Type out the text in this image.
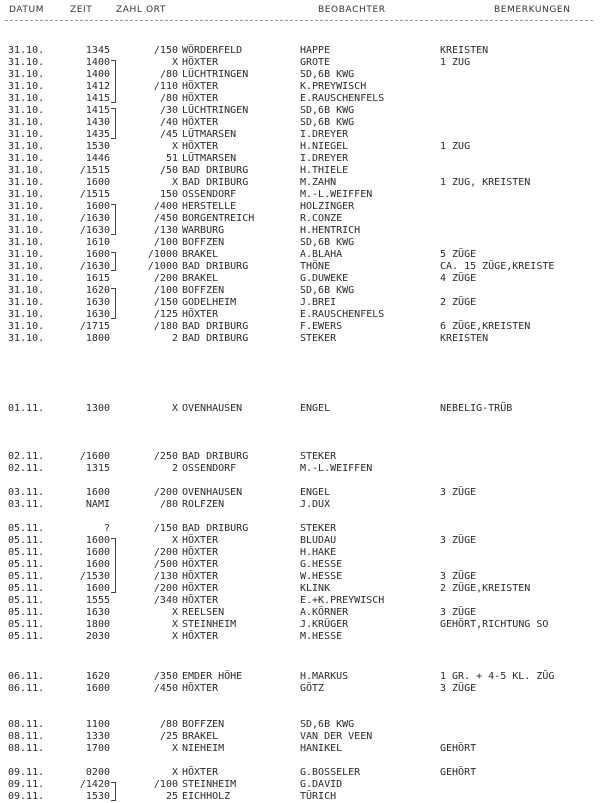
DATUM	ZEIT	ZAHL ORT	BEOBACHTER	BEMERKUNGEN
31.10.	1345	/150 WÖRDERFELD	HAPPE	KREISTEN
31.10.	1400	X HÖXTER	GROTE	1 ZUG
31.10.	1400	/80 LÜCHTRINGEN	SD,6B KWG
31.10.	1412	/110 HÖXTER	K.PREYWISCH
31.10.	1415	/80 HÖXTER	E.RAUSCHENFELS
31.10.	1415	/30 LÜCHTRINGEN	SD,6B KWG
31.10.	1430	/40 HÖXTER	SD,6B KWG
31.10.	1435	/45 LÜTMARSEN	I.DREYER
31.10.	1530	X HÖXTER	H.NIEGEL	1 ZUG
31.10.	1446	51 LÜTMARSEN	I.DREYER
31.10.	/1515	/50 BAD DRIBURG	H.THIELE
31.10.	1600	X BAD DRIBURG	M.ZAHN	1 ZUG, KREISTEN
31.10.	/1515	150 OSSENDORF	M.-L.WEIFFEN
31.10.	1600	/400 HERSTELLE	HOLZINGER
31.10.	/1630	/450 BORGENTREICH	R.CONZE
31.10.	/1630	/130 WARBURG	H.HENTRICH
31.10.	1610	/100 BOFFZEN	SD,6B KWG
31.10.	1600	/1000 BRAKEL	A.BLAHA	5 ZÜGE
31.10.	/1630	/1000 BAD DRIBURG	THÖNE	CA. 15 ZÜGE,KREISTE
31.10.	1615	/200 BRAKEL	G.DUWEKE	4 ZÜGE
31.10.	1620	/100 BOFFZEN	SD,6B KWG
31.10.	1630	/150 GODELHEIM	J.BREI	2 ZÜGE
31.10.	1630	/125 HÖXTER	E.RAUSCHENFELS
31.10.	/1715	/180 BAD DRIBURG	F.EWERS	6 ZÜGE,KREISTEN
31.10.	1800	2 BAD DRIBURG	STEKER	KREISTEN
01.11.	1300	X OVENHAUSEN	ENGEL	NEBELIG-TRÜB
02.11.	/1600	/250 BAD DRIBURG	STEKER
02.11.	1315	2 OSSENDORF	M.-L.WEIFFEN
03.11.	1600	/200 OVENHAUSEN	ENGEL	3 ZÜGE
03.11.	NAMI	/80 ROLFZEN	J.DUX
05.11.	?	/150 BAD DRIBURG	STEKER
05.11.	1600	X HÖXTER	BLUDAU	3 ZÜGE
05.11.	1600	/200 HÖXTER	H.HAKE
05.11.	1600	/500 HÖXTER	G.HESSE
05.11.	/1530	/130 HÖXTER	W.HESSE	3 ZÜGE
05.11.	1600	/200 HÖXTER	KLINK	2 ZÜGE,KREISTEN
05.11.	1555	/340 HÖXTER	E.+K.PREYWISCH
05.11.	1630	X REELSEN	A.KÖRNER	3 ZÜGE
05.11.	1800	X STEINHEIM	J.KRÜGER	GEHÖRT,RICHTUNG SO
05.11.	2030	X HÖXTER	M.HESSE
06.11.	1620	/350 EMDER HÖHE	H.MARKUS	1 GR. + 4-5 KL. ZÜG
06.11.	1600	/450 HÖXTER	GÖTZ	3 ZÜGE
08.11.	1100	/80 BOFFZEN	SD,6B KWG
08.11.	1330	/25 BRAKEL	VAN DER VEEN
08.11.	1700	X NIEHEIM	HANIKEL	GEHÖRT
09.11.	0200	X HÖXTER	G.BOSSELER	GEHÖRT
09.11.	/1420	/100 STEINHEIM	G.DAVID
09.11.	1530	25 EICHHOLZ	TÜRICH
